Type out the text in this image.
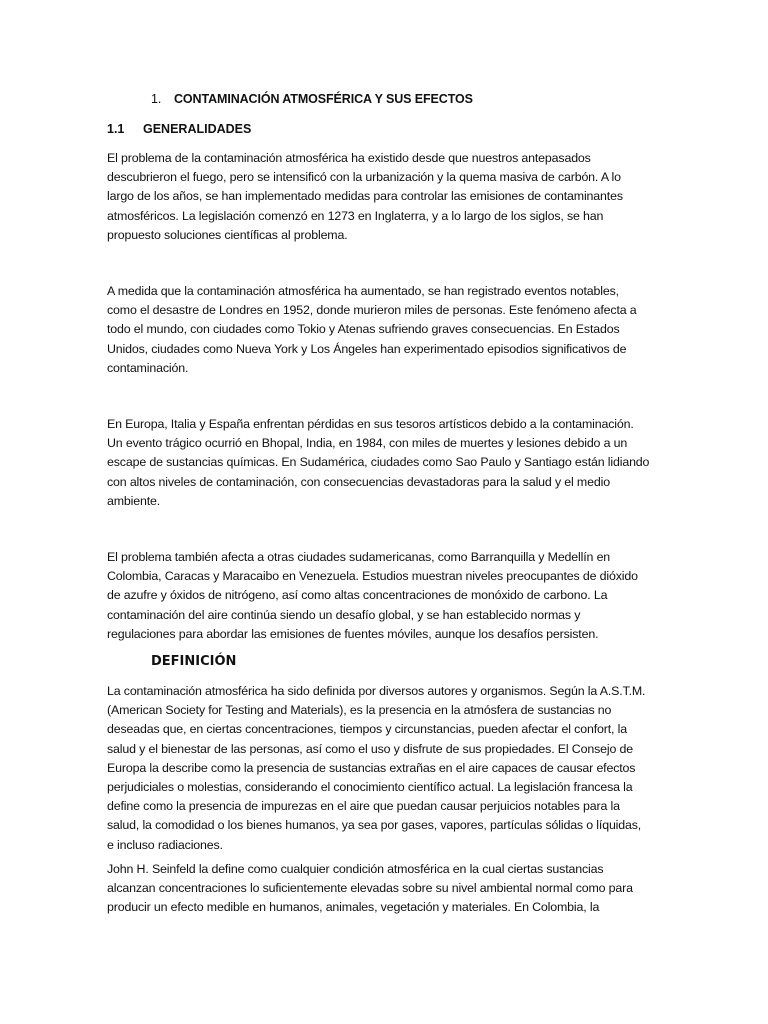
1. CONTAMINACIÓN ATMOSFÉRICA Y SUS EFECTOS
1.1 GENERALIDADES

El problema de la contaminación atmosférica ha existido desde que nuestros antepasados
descubrieron el fuego, pero se intensificó con la urbanización y la quema masiva de carbón. A lo
largo de los años, se han implementado medidas para controlar las emisiones de contaminantes
atmosféricos. La legislación comenzó en 1273 en Inglaterra, y a lo largo de los siglos, se han
propuesto soluciones científicas al problema.

A medida que la contaminación atmosférica ha aumentado, se han registrado eventos notables,
como el desastre de Londres en 1952, donde murieron miles de personas. Este fenómeno afecta a
todo el mundo, con ciudades como Tokio y Atenas sufriendo graves consecuencias. En Estados
Unidos, ciudades como Nueva York y Los Ángeles han experimentado episodios significativos de
contaminación.

En Europa, Italia y España enfrentan pérdidas en sus tesoros artísticos debido a la contaminación.
Un evento trágico ocurrió en Bhopal, India, en 1984, con miles de muertes y lesiones debido a un
escape de sustancias químicas. En Sudamérica, ciudades como Sao Paulo y Santiago están lidiando
con altos niveles de contaminación, con consecuencias devastadoras para la salud y el medio
ambiente.

El problema también afecta a otras ciudades sudamericanas, como Barranquilla y Medellín en
Colombia, Caracas y Maracaibo en Venezuela. Estudios muestran niveles preocupantes de dióxido
de azufre y óxidos de nitrógeno, así como altas concentraciones de monóxido de carbono. La
contaminación del aire continúa siendo un desafío global, y se han establecido normas y
regulaciones para abordar las emisiones de fuentes móviles, aunque los desafíos persisten.

DEFINICIÓN

La contaminación atmosférica ha sido definida por diversos autores y organismos. Según la A.S.T.M.
(American Society for Testing and Materials), es la presencia en la atmósfera de sustancias no
deseadas que, en ciertas concentraciones, tiempos y circunstancias, pueden afectar el confort, la
salud y el bienestar de las personas, así como el uso y disfrute de sus propiedades. El Consejo de
Europa la describe como la presencia de sustancias extrañas en el aire capaces de causar efectos
perjudiciales o molestias, considerando el conocimiento científico actual. La legislación francesa la
define como la presencia de impurezas en el aire que puedan causar perjuicios notables para la
salud, la comodidad o los bienes humanos, ya sea por gases, vapores, partículas sólidas o líquidas,
e incluso radiaciones.

John H. Seinfeld la define como cualquier condición atmosférica en la cual ciertas sustancias
alcanzan concentraciones lo suficientemente elevadas sobre su nivel ambiental normal como para
producir un efecto medible en humanos, animales, vegetación y materiales. En Colombia, la
